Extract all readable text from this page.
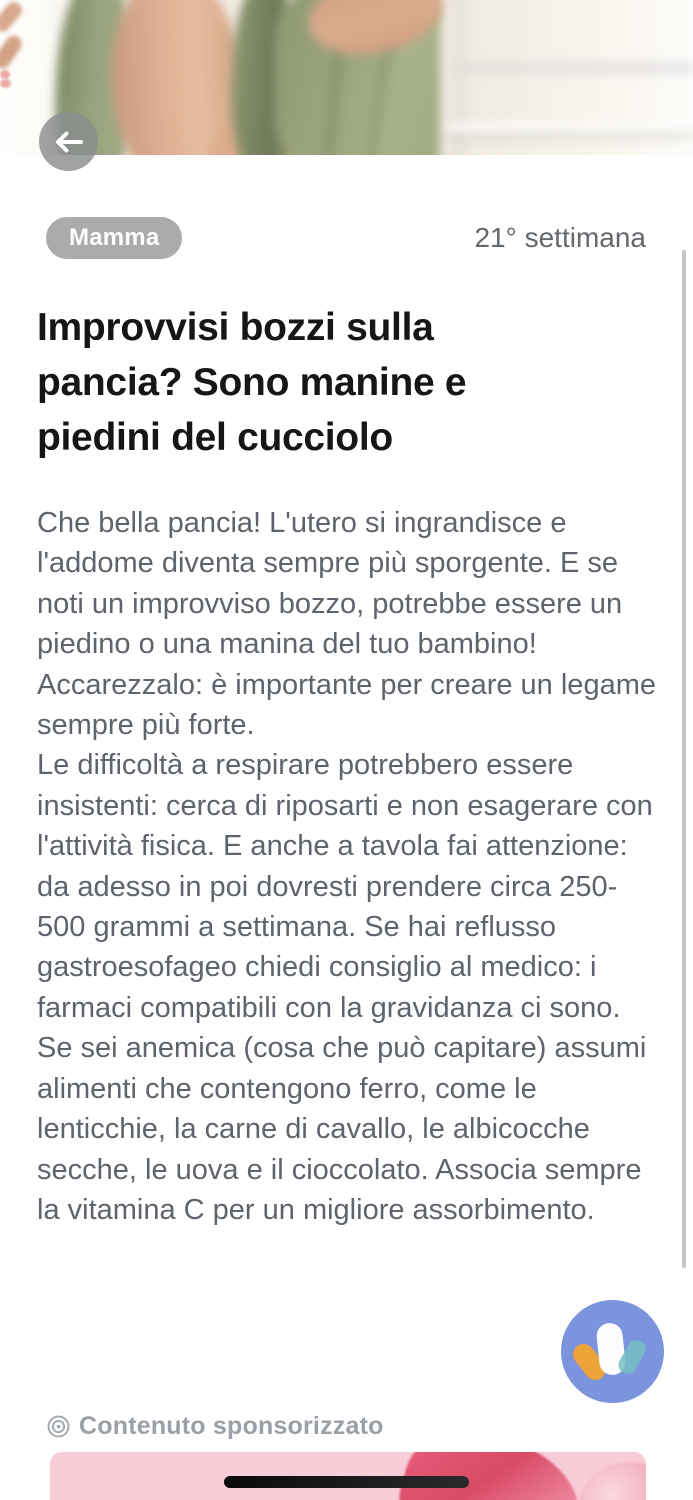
Mamma	21° settimana
Improvvisi bozzi sulla pancia? Sono manine e piedini del cucciolo

Che bella pancia! L'utero si ingrandisce e l'addome diventa sempre più sporgente. E se noti un improvviso bozzo, potrebbe essere un piedino o una manina del tuo bambino! Accarezzalo: è importante per creare un legame sempre più forte.

Le difficoltà a respirare potrebbero essere insistenti: cerca di riposarti e non esagerare con l'attività fisica. E anche a tavola fai attenzione: da adesso in poi dovresti prendere circa 250-500 grammi a settimana. Se hai reflusso gastroesofageo chiedi consiglio al medico: i farmaci compatibili con la gravidanza ci sono. Se sei anemica (cosa che può capitare) assumi alimenti che contengono ferro, come le lenticchie, la carne di cavallo, le albicocche secche, le uova e il cioccolato. Associa sempre la vitamina C per un migliore assorbimento.

Contenuto sponsorizzato
